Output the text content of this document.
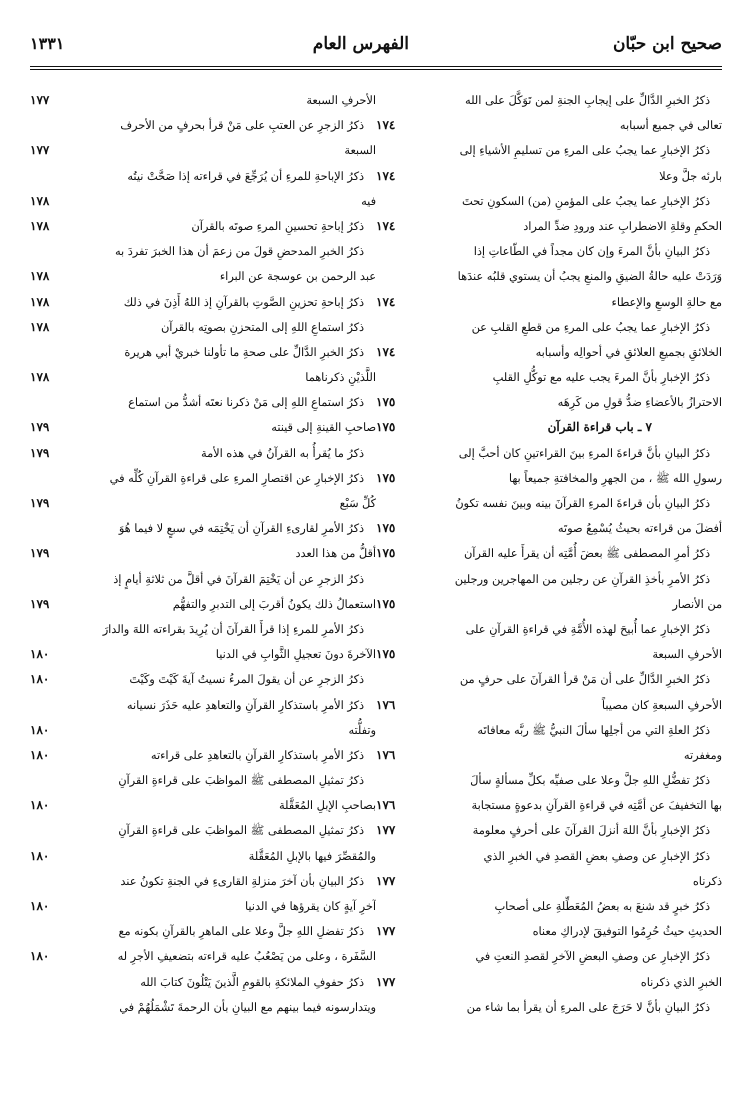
صحيح ابن حبّان
الفهرس العام
١٣٣١
ذكرُ الخبرِ الدَّالِّ على إيجابِ الجنةِ لمن تَوَكَّلَ على الله
تعالى في جميع أسبابه
١٧٤
ذكرُ الإخبارِ عما يجبُ على المرءِ من تسليمِ الأشياءِ إلى
بارئه جلَّ وعلا
١٧٤
ذكرُ الإخبارِ عما يجبُ على المؤمنِ (من) السكونِ تحتَ
الحكمِ وقلةِ الاضطرابِ عند ورودِ ضدِّ المراد
١٧٤
ذكرُ البيانِ بأنَّ المرءَ وإن كان مجداً في الطّاعاتِ إذا
وَرَدَتْ عليه حالةُ الضيقِ والمنعِ يجبُ أن يستوي قلبُه عندَها
مع حالةِ الوسعِ والإعطاء
١٧٤
ذكرُ الإخبارِ عما يجبُ على المرءِ من قطعِ القلبِ عن
الخلائقِ بجميعِ العلائقِ في أحوالِه وأسبابه
١٧٤
ذكرُ الإخبارِ بأنَّ المرءَ يجب عليه مع توكُّلِ القلبِ
الاحترازُ بالأعضاءِ ضدُّ قولِ من كَرِهَه
١٧٥
٧ ـ باب قراءة القرآن
١٧٥
ذكرُ البيانِ بأنَّ قراءةَ المرءِ بينَ القراءتينِ كان أحبَّ إلى
رسولِ الله ﷺ ، من الجهرِ والمخافتةِ جميعاً بها
١٧٥
ذكرُ البيانِ بأن قراءةَ المرءِ القرآنَ بينه وبينَ نفسه تكونُ
أفضلَ من قراءته بحيثُ يُسْمِعُ صوتَه
١٧٥
ذكرُ أمرِ المصطفى ﷺ بعضَ أُمَّتِه أن يقرأَ عليه القرآن
١٧٥
ذكرُ الأمرِ بأخذِ القرآنِ عن رجلين من المهاجرين ورجلين
من الأنصار
١٧٥
ذكرُ الإخبارِ عما أُبيحَ لهذه الأُمَّةِ في قراءةِ القرآنِ على
الأحرفِ السبعة
١٧٥
ذكرُ الخبرِ الدَّالِّ على أن مَنْ قرأ القرآنَ على حرفٍ من
الأحرفِ السبعةِ كان مصيباً
١٧٦
ذكرُ العلةِ التي من أجلِها سألَ النبيُّ ﷺ ربَّه معافاتَه
ومغفرته
١٧٦
ذكرُ تفضُّلِ اللهِ جلَّ وعلا على صفيِّه بكلِّ مسألةٍ سألَ
بها التخفيفَ عن أمَّتِه في قراءةِ القرآنِ بدعوةٍ مستجابة
١٧٦
ذكرُ الإخبارِ بأنَّ اللهَ أنزلَ القرآنَ على أحرفٍ معلومة
١٧٧
ذكرُ الإخبارِ عن وصفِ بعضِ القصدِ في الخبرِ الذي
ذكرناه
١٧٧
ذكرُ خبرٍ قد شنعَ به بعضُ المُعَطِّلةِ على أصحابِ
الحديثِ حيثُ حُرِمُوا التوفيقَ لإدراكِ معناه
١٧٧
ذكرُ الإخبارِ عن وصفِ البعضِ الآخرِ لقصدِ النعتِ في
الخبرِ الذي ذكرناه
١٧٧
ذكرُ البيانِ بأنَّ لا حَرَجَ على المرءِ أن يقرأ بما شاء من
الأحرفِ السبعة
١٧٧
ذكرُ الزجرِ عن العتبِ على مَنْ قرأ بحرفٍ من الأحرف
السبعة
١٧٧
ذكرُ الإباحةِ للمرءِ أن يُرَجِّعَ في قراءته إذا صَحَّتْ نيتُه
فيه
١٧٨
ذكرُ إباحةِ تحسينِ المرءِ صوتَه بالقرآن
١٧٨
ذكرُ الخبرِ المدحضِ قولَ من زعمَ أن هذا الخبرَ تفردَ به
عبد الرحمن بن عوسجة عن البراء
١٧٨
ذكرُ إباحةِ تحزينِ الصَّوتِ بالقرآنِ إذ اللهُ أَذِنَ في ذلك
١٧٨
ذكرُ استماعِ اللهِ إلى المتحزنِ بصوتِه بالقرآن
١٧٨
ذكرُ الخبرِ الدَّالِّ على صحةِ ما تأولنا خبريْ أبي هريرة
اللَّذيْنِ ذكرناهما
١٧٨
ذكرُ استماعِ اللهِ إلى مَنْ ذكرنا نعتَه أشدُّ من استماع
صاحبِ القينةِ إلى قينته
١٧٩
ذكرُ ما يُقرأُ به القرآنُ في هذه الأمة
١٧٩
ذكرُ الإخبارِ عن اقتصارِ المرءِ على قراءةِ القرآنِ كُلِّه في
كُلِّ سَبْع
١٧٩
ذكرُ الأمرِ لقارىءِ القرآنِ أن يَخْتِمَه في سبعٍ لا فيما هُوَ
أقلُّ من هذا العدد
١٧٩
ذكرُ الزجرِ عن أن يَخْتِمَ القرآنَ في أقلَّ من ثلاثةِ أيامٍ إذ
استعمالُ ذلك يكونُ أقربَ إلى التدبرِ والتفهُّم
١٧٩
ذكرُ الأمرِ للمرءِ إذا قرأَ القرآنَ أن يُرِيدَ بقراءته اللهَ والدارَ
الآخرةَ دونَ تعجيلِ الثَّوابِ في الدنيا
١٨٠
ذكرُ الزجرِ عن أن يقولَ المرءُ نسيتُ آيةَ كَيْتَ وكَيْتَ
١٨٠
ذكرُ الأمرِ باستذكارِ القرآنِ والتعاهدِ عليه حَذَرَ نسيانه
وتفلُّته
١٨٠
ذكرُ الأمرِ باستذكارِ القرآنِ بالتعاهدِ على قراءته
١٨٠
ذكرُ تمثيلِ المصطفى ﷺ المواظبَ على قراءةِ القرآنِ
بصاحبِ الإبلِ المُعَقَّلة
١٨٠
ذكرُ تمثيلِ المصطفى ﷺ المواظبَ على قراءةِ القرآنِ
والمُقصِّرَ فيها بالإبلِ المُعَقَّلة
١٨٠
ذكرُ البيانِ بأن آخرَ منزلةِ القارىءِ في الجنةِ تكونُ عند
آخرِ آيةٍ كان يقرؤها في الدنيا
١٨٠
ذكرُ تفضلِ اللهِ جلَّ وعلا على الماهرِ بالقرآنِ بكونه مع
السَّفَرة ، وعلى من يَصْعُبُ عليه قراءته بتضعيفِ الأجرِ له
١٨٠
ذكرُ حفوفِ الملائكةِ بالقومِ الَّذينَ يَتْلُونَ كتابَ الله
ويتدارسونه فيما بينهم مع البيانِ بأن الرحمةَ تَشْمَلُهُمْ في
